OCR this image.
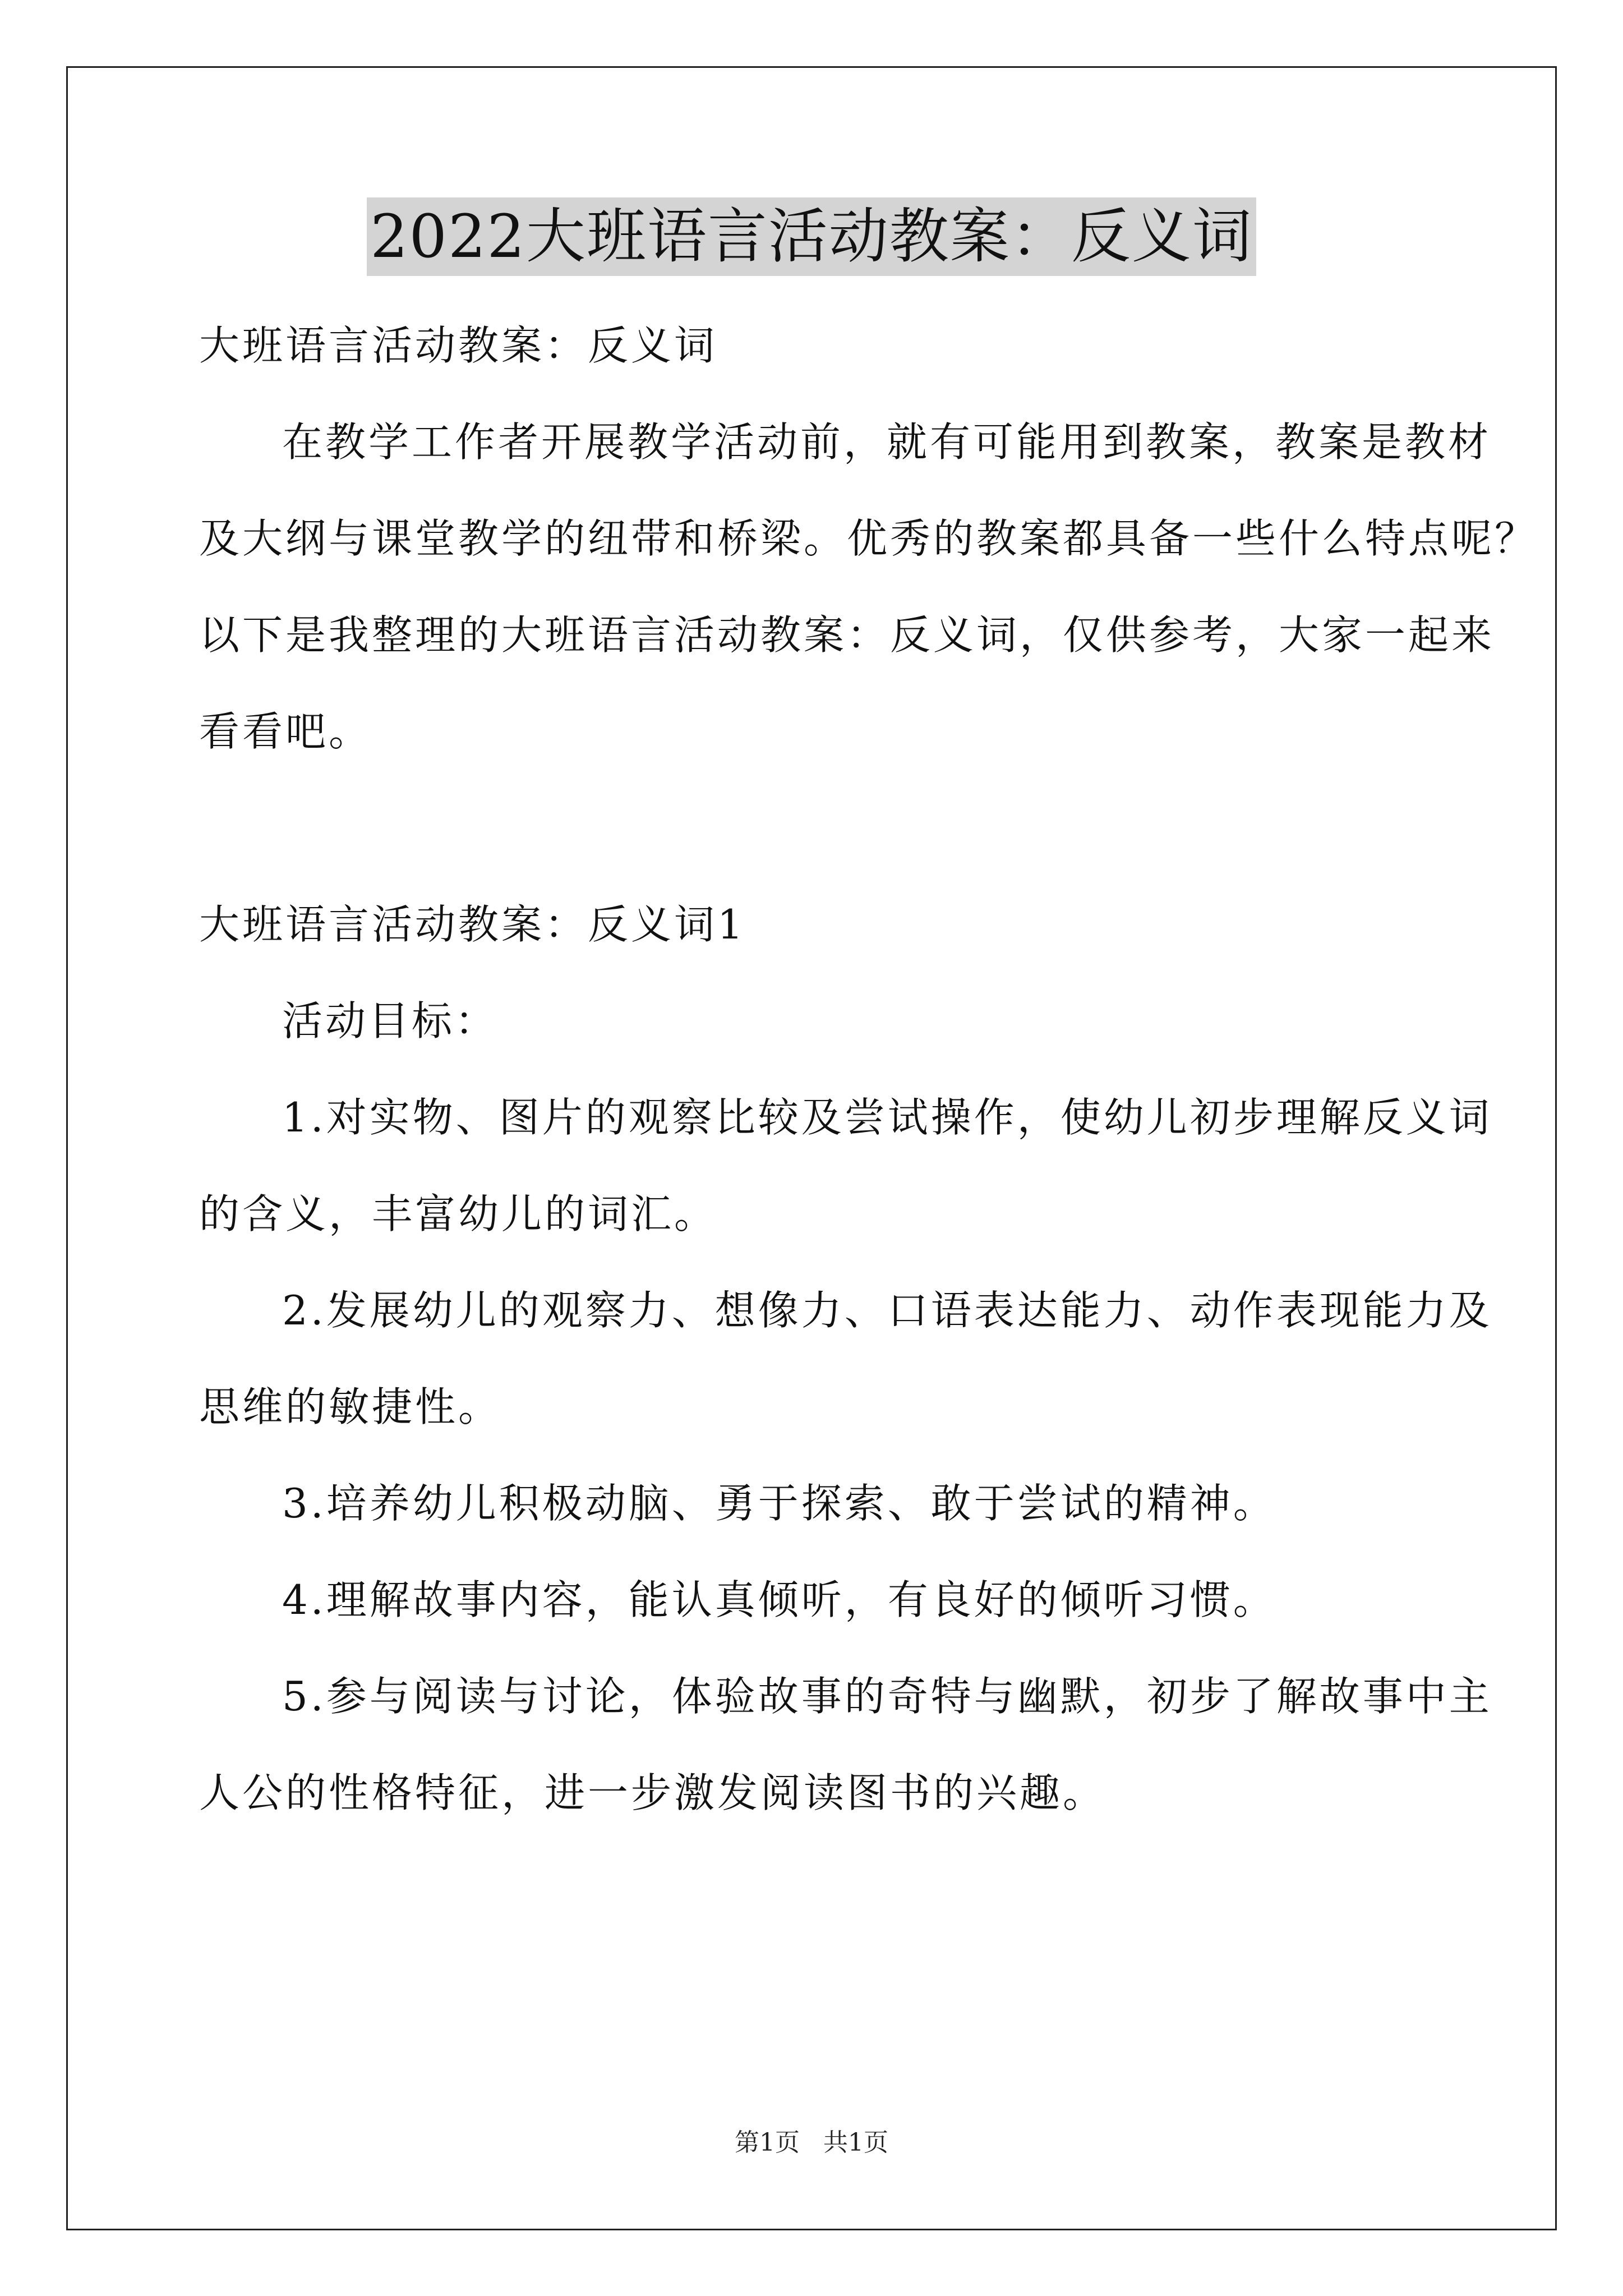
2022大班语言活动教案：反义词
大班语言活动教案：反义词
在教学工作者开展教学活动前，就有可能用到教案，教案是教材
及大纲与课堂教学的纽带和桥梁。优秀的教案都具备一些什么特点呢？
以下是我整理的大班语言活动教案：反义词，仅供参考，大家一起来
看看吧。
大班语言活动教案：反义词1
活动目标：
1.对实物、图片的观察比较及尝试操作，使幼儿初步理解反义词
的含义，丰富幼儿的词汇。
2.发展幼儿的观察力、想像力、口语表达能力、动作表现能力及
思维的敏捷性。
3.培养幼儿积极动脑、勇于探索、敢于尝试的精神。
4.理解故事内容，能认真倾听，有良好的倾听习惯。
5.参与阅读与讨论，体验故事的奇特与幽默，初步了解故事中主
人公的性格特征，进一步激发阅读图书的兴趣。
第1页   共1页
